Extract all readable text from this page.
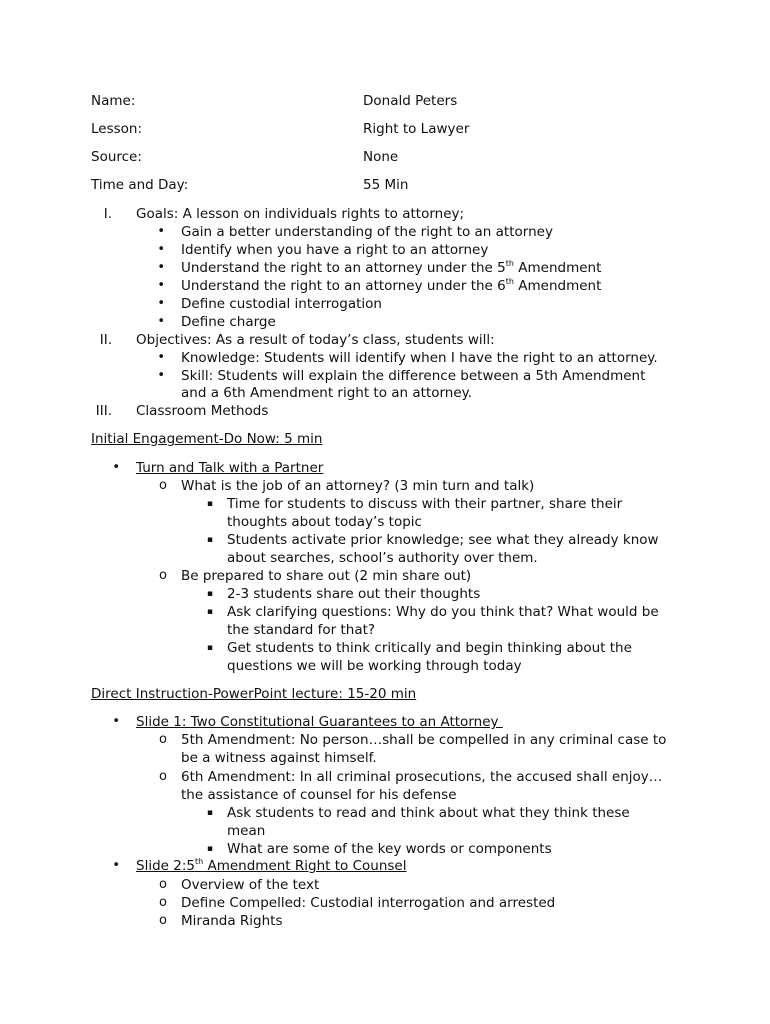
Name:	Donald Peters
Lesson:	Right to Lawyer
Source:	None
Time and Day:	55 Min
I. Goals: A lesson on individuals rights to attorney;
• Gain a better understanding of the right to an attorney
• Identify when you have a right to an attorney
• Understand the right to an attorney under the 5th Amendment
• Understand the right to an attorney under the 6th Amendment
• Define custodial interrogation
• Define charge
II. Objectives: As a result of today’s class, students will:
• Knowledge: Students will identify when I have the right to an attorney.
• Skill: Students will explain the difference between a 5th Amendment
and a 6th Amendment right to an attorney.
III. Classroom Methods
Initial Engagement-Do Now: 5 min
• Turn and Talk with a Partner
o What is the job of an attorney? (3 min turn and talk)
▪ Time for students to discuss with their partner, share their
thoughts about today’s topic
▪ Students activate prior knowledge; see what they already know
about searches, school’s authority over them.
o Be prepared to share out (2 min share out)
▪ 2-3 students share out their thoughts
▪ Ask clarifying questions: Why do you think that? What would be
the standard for that?
▪ Get students to think critically and begin thinking about the
questions we will be working through today
Direct Instruction-PowerPoint lecture: 15-20 min
• Slide 1: Two Constitutional Guarantees to an Attorney
o 5th Amendment: No person…shall be compelled in any criminal case to
be a witness against himself.
o 6th Amendment: In all criminal prosecutions, the accused shall enjoy…
the assistance of counsel for his defense
▪ Ask students to read and think about what they think these
mean
▪ What are some of the key words or components
• Slide 2:5th Amendment Right to Counsel
o Overview of the text
o Define Compelled: Custodial interrogation and arrested
o Miranda Rights
